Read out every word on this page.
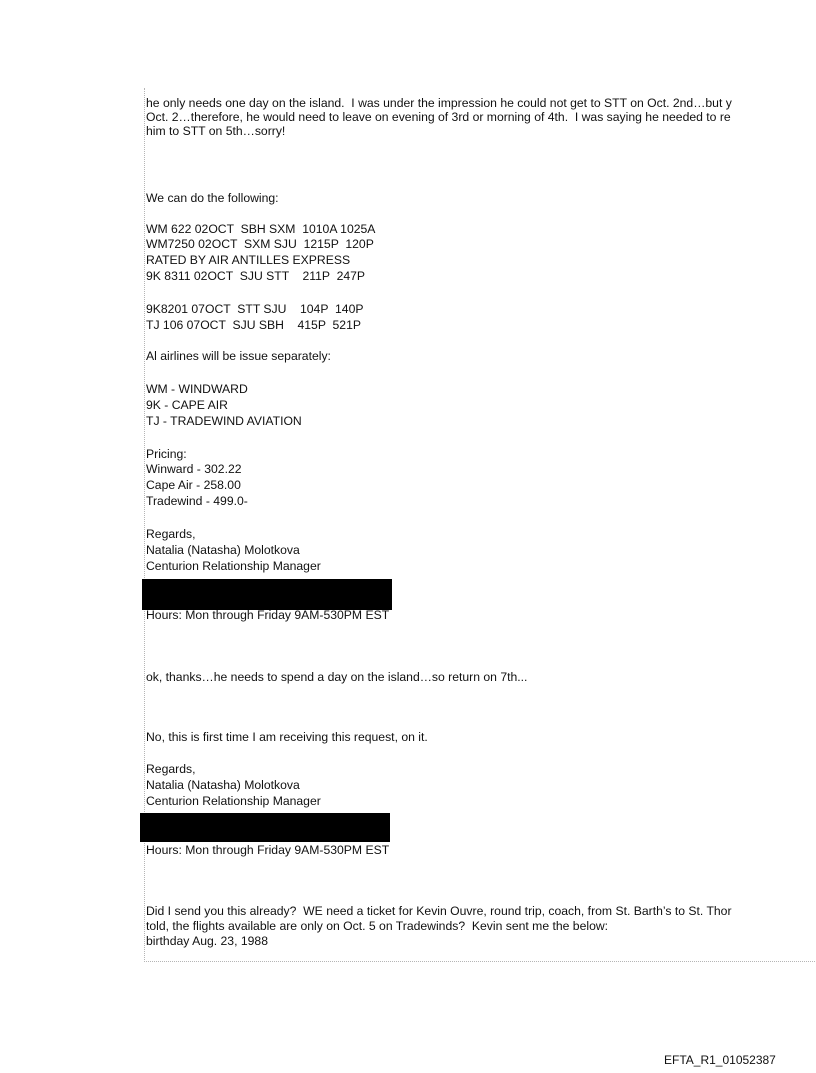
he only needs one day on the island.  I was under the impression he could not get to STT on Oct. 2nd…but y
Oct. 2…therefore, he would need to leave on evening of 3rd or morning of 4th.  I was saying he needed to re
him to STT on 5th…sorry!
We can do the following:
WM 622 02OCT  SBH SXM  1010A 1025A
WM7250 02OCT  SXM SJU  1215P  120P
RATED BY AIR ANTILLES EXPRESS
9K 8311 02OCT  SJU STT    211P  247P
9K8201 07OCT  STT SJU    104P  140P
TJ 106 07OCT  SJU SBH    415P  521P
Al airlines will be issue separately:
WM - WINDWARD
9K - CAPE AIR
TJ - TRADEWIND AVIATION
Pricing:
Winward - 302.22
Cape Air - 258.00
Tradewind - 499.0-
Regards,
Natalia (Natasha) Molotkova
Centurion Relationship Manager
Hours: Mon through Friday 9AM-530PM EST
ok, thanks…he needs to spend a day on the island…so return on 7th...
No, this is first time I am receiving this request, on it.
Regards,
Natalia (Natasha) Molotkova
Centurion Relationship Manager
Hours: Mon through Friday 9AM-530PM EST
Did I send you this already?  WE need a ticket for Kevin Ouvre, round trip, coach, from St. Barth’s to St. Thor
told, the flights available are only on Oct. 5 on Tradewinds?  Kevin sent me the below:
birthday Aug. 23, 1988
EFTA_R1_01052387
